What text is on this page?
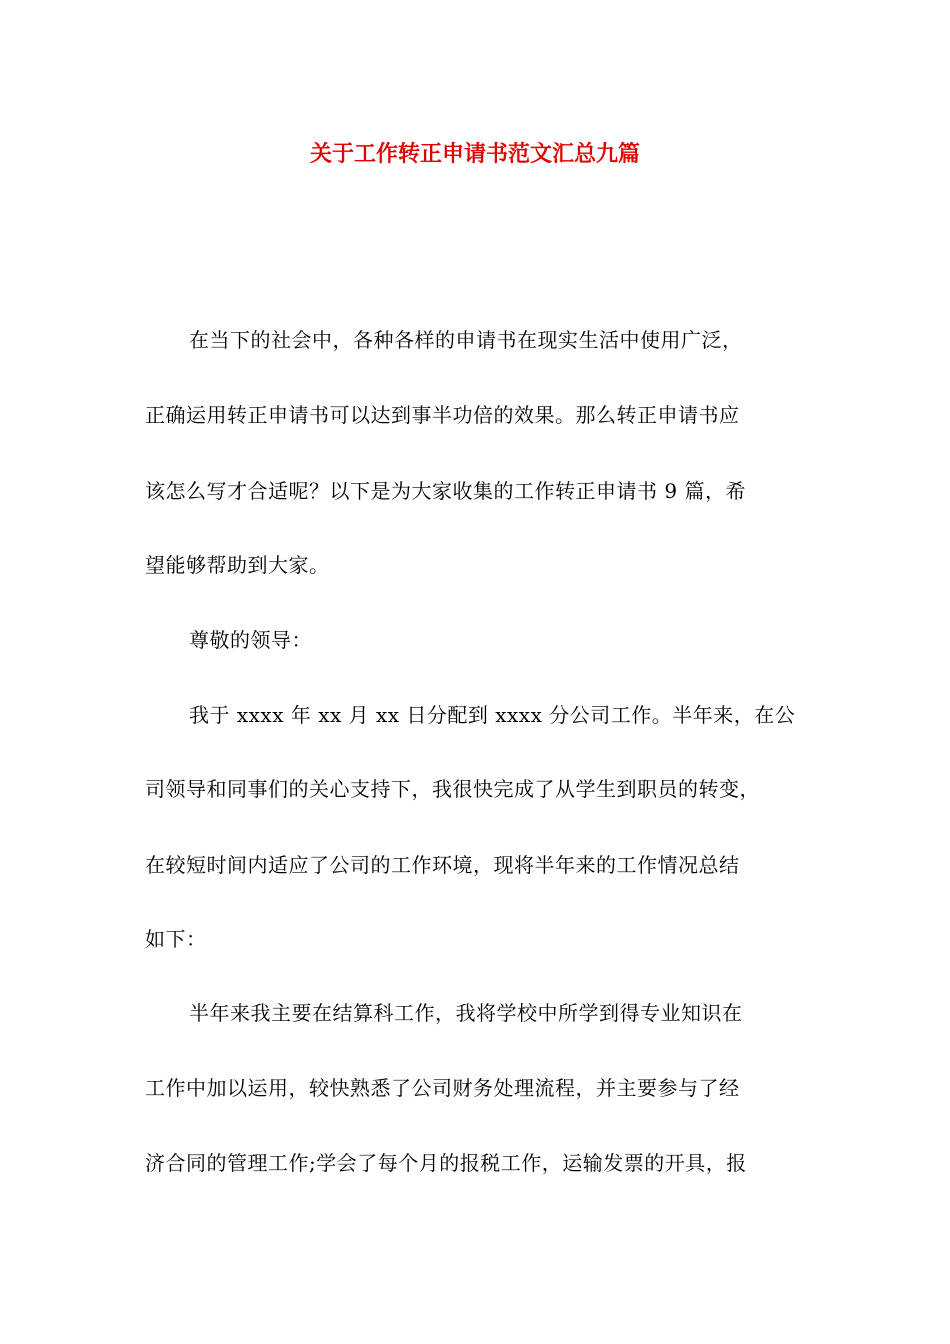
关于工作转正申请书范文汇总九篇
在当下的社会中，各种各样的申请书在现实生活中使用广泛，
正确运用转正申请书可以达到事半功倍的效果。那么转正申请书应
该怎么写才合适呢？以下是为大家收集的工作转正申请书 9 篇，希
望能够帮助到大家。
尊敬的领导：
我于 xxxx 年 xx 月 xx 日分配到 xxxx 分公司工作。半年来，在公
司领导和同事们的关心支持下，我很快完成了从学生到职员的转变，
在较短时间内适应了公司的工作环境，现将半年来的工作情况总结
如下：
半年来我主要在结算科工作，我将学校中所学到得专业知识在
工作中加以运用，较快熟悉了公司财务处理流程，并主要参与了经
济合同的管理工作;学会了每个月的报税工作，运输发票的开具，报
